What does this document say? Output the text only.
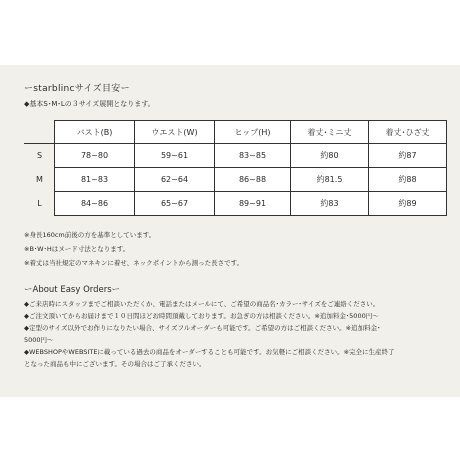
ーstarblincサイズ目安ー
◆基本S･M･Lの３サイズ展開となります。
	バスト(B)	ウエスト(W)	ヒップ(H)	着丈･ミニ丈	着丈･ひざ丈
S	78~80	59~61	83~85	約80	約87
M	81~83	62~64	86~88	約81.5	約88
L	84~86	65~67	89~91	約83	約89

※身長160cm前後の方を基準としています。

※B･W･Hはヌード寸法となります。

※着丈は当社規定のマネキンに着せ、ネックポイントから測った長さです。

ーAbout Easy Ordersー

◆ご来店時にスタッフまでご相談いただくか、電話またはメールにて、ご希望の商品名･カラー･サイズをご連絡ください。

◆ご注文頂いてからお届けまで１０日間ほどお時間頂戴しております。お急ぎの方は相談ください。※追加料金･5000円〜

◆定型のサイズ以外でお作りになりたい場合、サイズフルオーダーも可能です。ご希望の方はご相談ください。※追加料金･

5000円〜

◆WEBSHOPやWEBSITEに載っている過去の商品をオーダーすることも可能です。お気軽にご相談ください。※完全に生産終了

となった商品も中にございます。その場合はご了承ください。
